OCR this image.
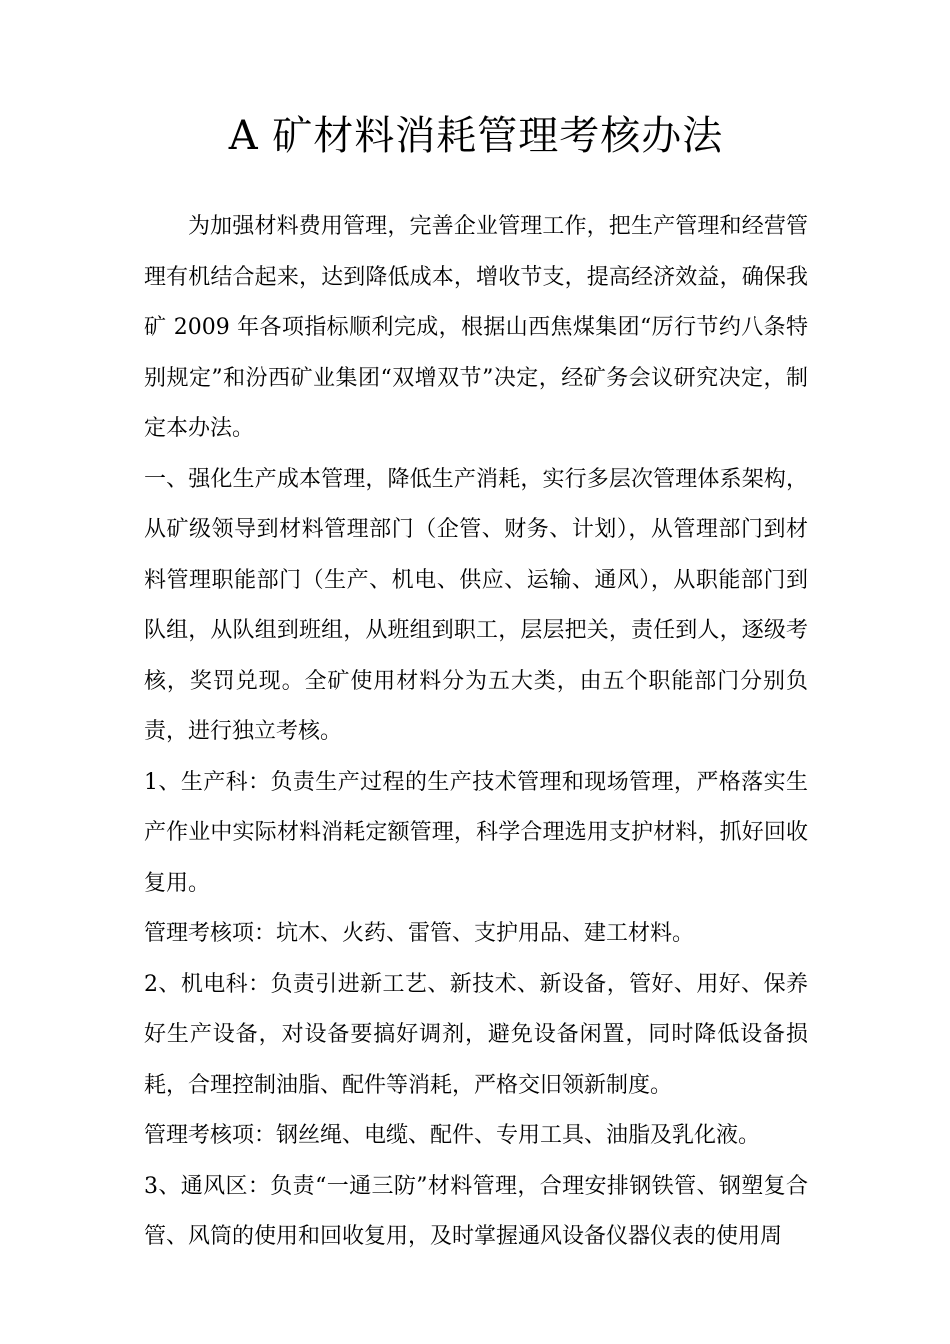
A 矿材料消耗管理考核办法

为加强材料费用管理，完善企业管理工作，把生产管理和经营管理有机结合起来，达到降低成本，增收节支，提高经济效益，确保我矿 2009 年各项指标顺利完成，根据山西焦煤集团“厉行节约八条特别规定”和汾西矿业集团“双增双节”决定，经矿务会议研究决定，制定本办法。

一、强化生产成本管理，降低生产消耗，实行多层次管理体系架构，从矿级领导到材料管理部门（企管、财务、计划），从管理部门到材料管理职能部门（生产、机电、供应、运输、通风），从职能部门到队组，从队组到班组，从班组到职工，层层把关，责任到人，逐级考核，奖罚兑现。全矿使用材料分为五大类，由五个职能部门分别负责，进行独立考核。

1、生产科：负责生产过程的生产技术管理和现场管理，严格落实生产作业中实际材料消耗定额管理，科学合理选用支护材料，抓好回收复用。

管理考核项：坑木、火药、雷管、支护用品、建工材料。

2、机电科：负责引进新工艺、新技术、新设备，管好、用好、保养好生产设备，对设备要搞好调剂，避免设备闲置，同时降低设备损耗，合理控制油脂、配件等消耗，严格交旧领新制度。

管理考核项：钢丝绳、电缆、配件、专用工具、油脂及乳化液。

3、通风区：负责“一通三防”材料管理，合理安排钢铁管、钢塑复合管、风筒的使用和回收复用，及时掌握通风设备仪器仪表的使用周
